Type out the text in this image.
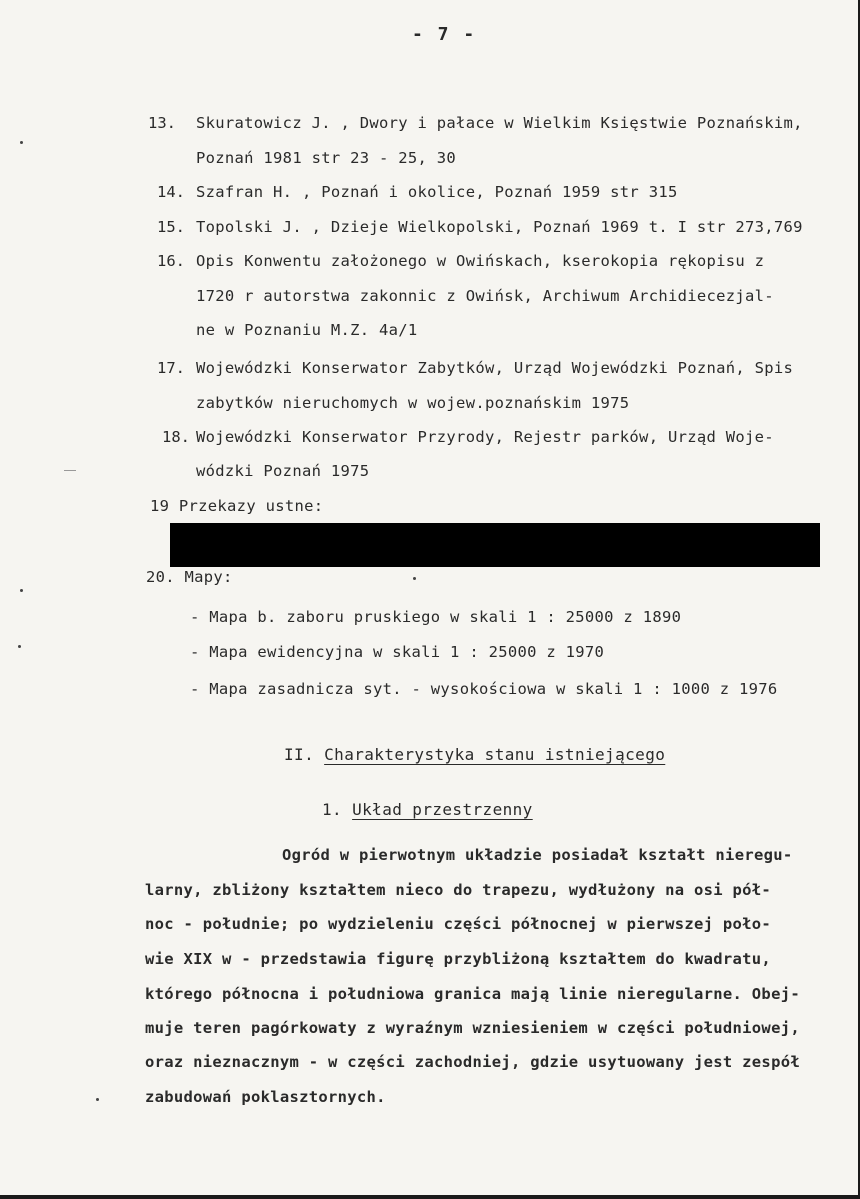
- 7 -
13. Skuratowicz J. , Dwory i pałace w Wielkim Księstwie Poznańskim,
Poznań 1981 str 23 - 25, 30
14. Szafran H. , Poznań i okolice, Poznań 1959 str 315
15. Topolski J. , Dzieje Wielkopolski, Poznań 1969 t. I str 273,769
16. Opis Konwentu założonego w Owińskach, kserokopia rękopisu z
1720 r autorstwa zakonnic z Owińsk, Archiwum Archidiecezjal-
ne w Poznaniu M.Z. 4a/1
17. Wojewódzki Konserwator Zabytków, Urząd Wojewódzki Poznań, Spis
zabytków nieruchomych w wojew.poznańskim 1975
18. Wojewódzki Konserwator Przyrody, Rejestr parków, Urząd Woje-
wódzki Poznań 1975
19 Przekazy ustne:
20. Mapy:
- Mapa b. zaboru pruskiego w skali 1 : 25000 z 1890
- Mapa ewidencyjna w skali 1 : 25000 z 1970
- Mapa zasadnicza syt. - wysokościowa w skali 1 : 1000 z 1976
II. Charakterystyka stanu istniejącego
1. Układ przestrzenny
Ogród w pierwotnym układzie posiadał kształt nieregu-
larny, zbliżony kształtem nieco do trapezu, wydłużony na osi pół-
noc - południe; po wydzieleniu części północnej w pierwszej poło-
wie XIX w - przedstawia figurę przybliżoną kształtem do kwadratu,
którego północna i południowa granica mają linie nieregularne. Obej-
muje teren pagórkowaty z wyraźnym wzniesieniem w części południowej,
oraz nieznacznym - w części zachodniej, gdzie usytuowany jest zespół
zabudowań poklasztornych.
